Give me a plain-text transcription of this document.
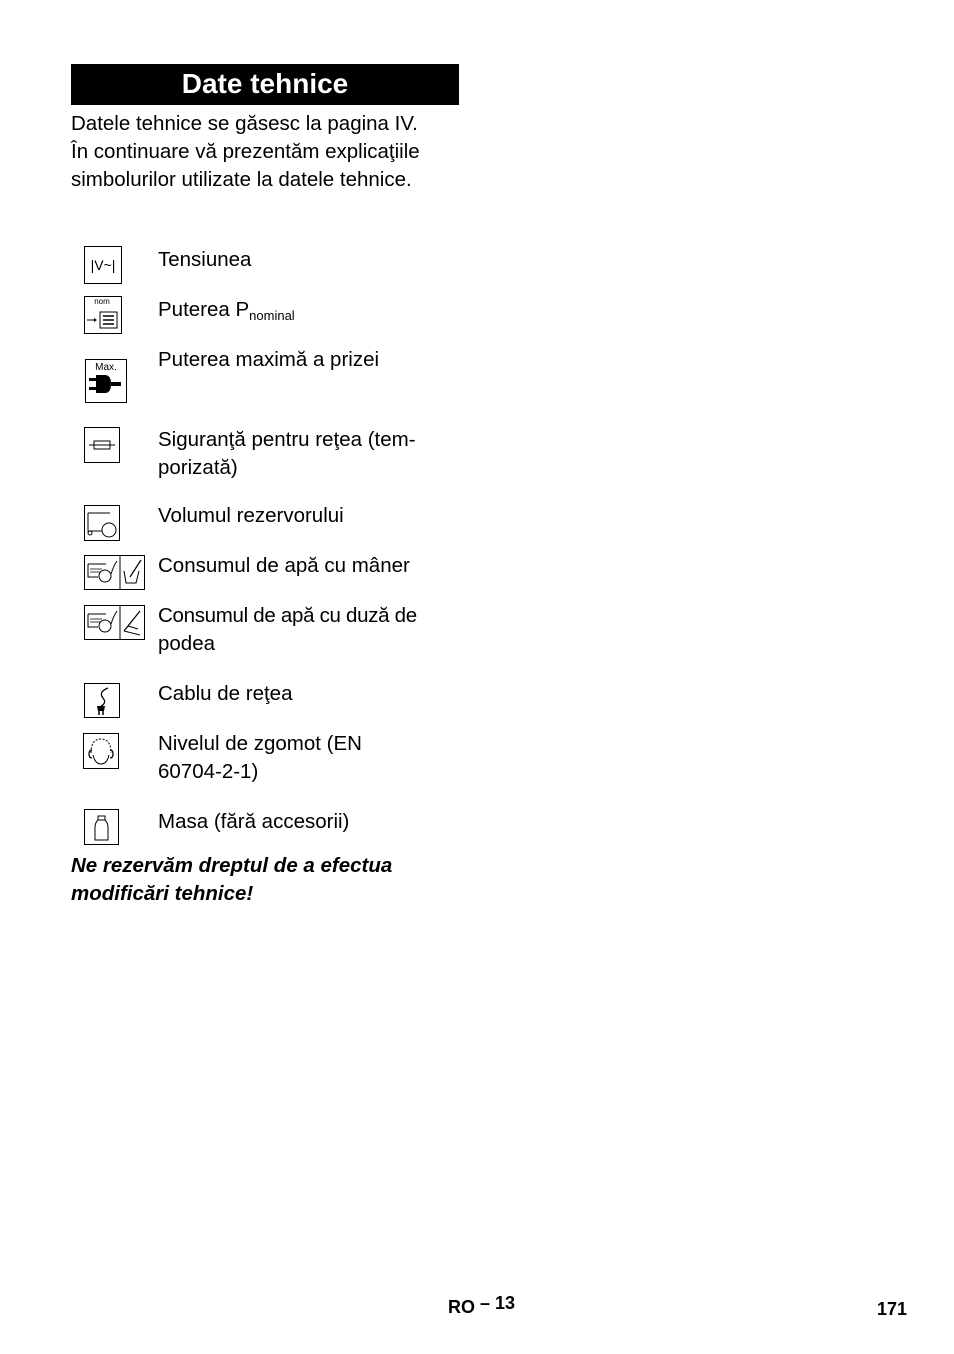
Date tehnice
Datele tehnice se găsesc la pagina IV.
În continuare vă prezentăm explicaţiile
simbolurilor utilizate la datele tehnice.
|V~| Tensiunea
nom Puterea $P_{nominal}$
Max. Puterea maximă a prizei
Siguranţă pentru reţea (tem-
porizată)
Volumul rezervorului
Consumul de apă cu mâner
Consumul de apă cu duză de
podea
Cablu de reţea
Nivelul de zgomot (EN
60704-2-1)
Masa (fără accesorii)
Ne rezervăm dreptul de a efectua
modificări tehnice!
RO – 13	171
